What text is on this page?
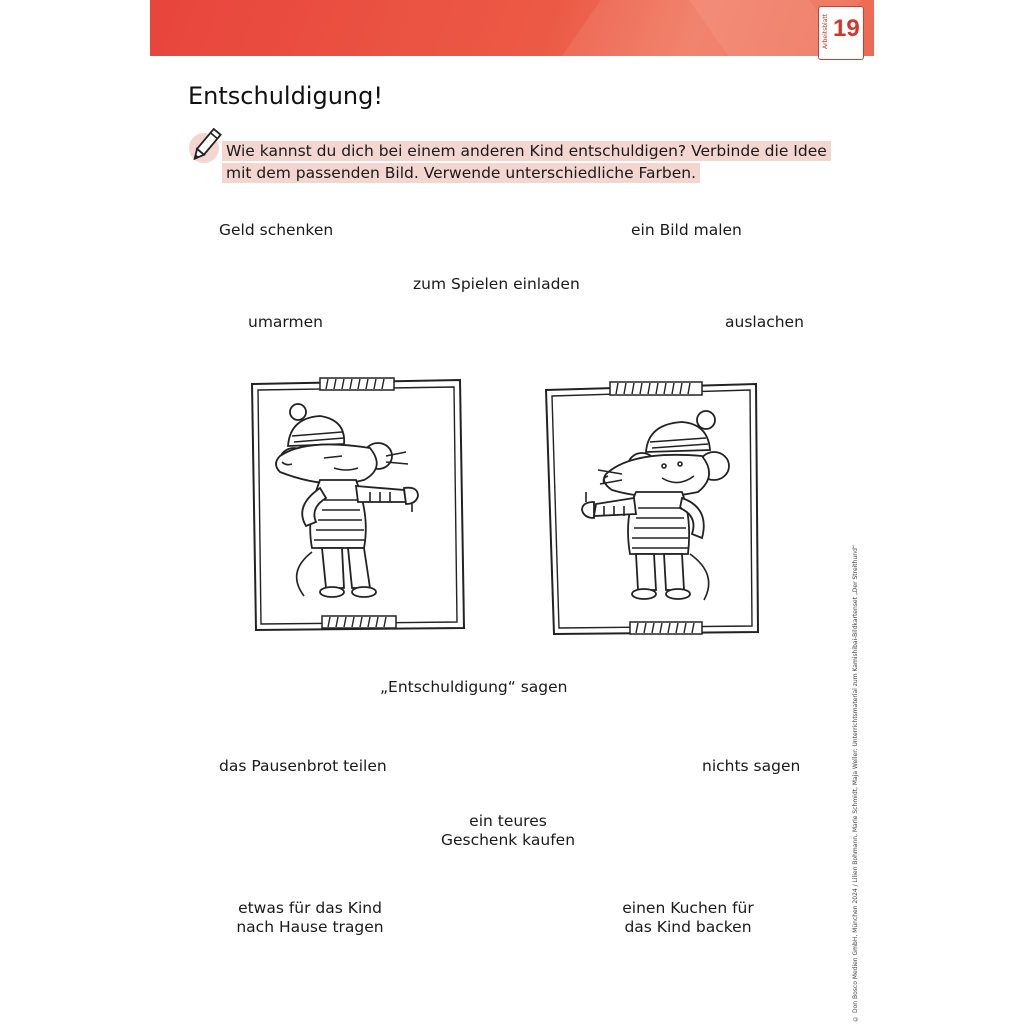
Arbeitsblatt 19
Entschuldigung!
Wie kannst du dich bei einem anderen Kind entschuldigen? Verbinde die Idee mit dem passenden Bild. Verwende unterschiedliche Farben.
Geld schenken	ein Bild malen
zum Spielen einladen
umarmen	auslachen
„Entschuldigung“ sagen
das Pausenbrot teilen	nichts sagen
ein teures
Geschenk kaufen
etwas für das Kind
nach Hause tragen
einen Kuchen für
das Kind backen	© Don Bosco Medien GmbH, München 2024 / Lilien Bohmann, Marle Schmidt, Maja Weller: Unterrichtsmaterial zum Kamishibai-Bildkartenset „Der Streithund“
